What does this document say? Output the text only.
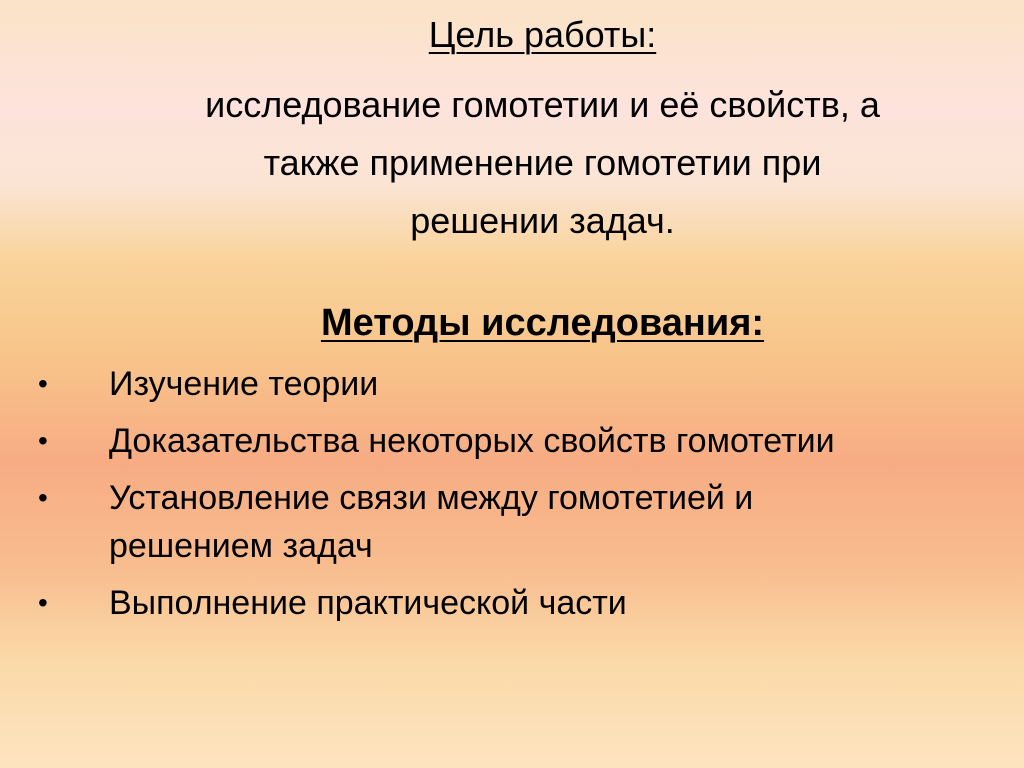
Цель работы:

исследование гомотетии и её свойств, а
также применение гомотетии при
решении задач.

Методы исследования:
• Изучение теории
• Доказательства некоторых свойств гомотетии
• Установление связи между гомотетией и
решением задач
• Выполнение практической части
